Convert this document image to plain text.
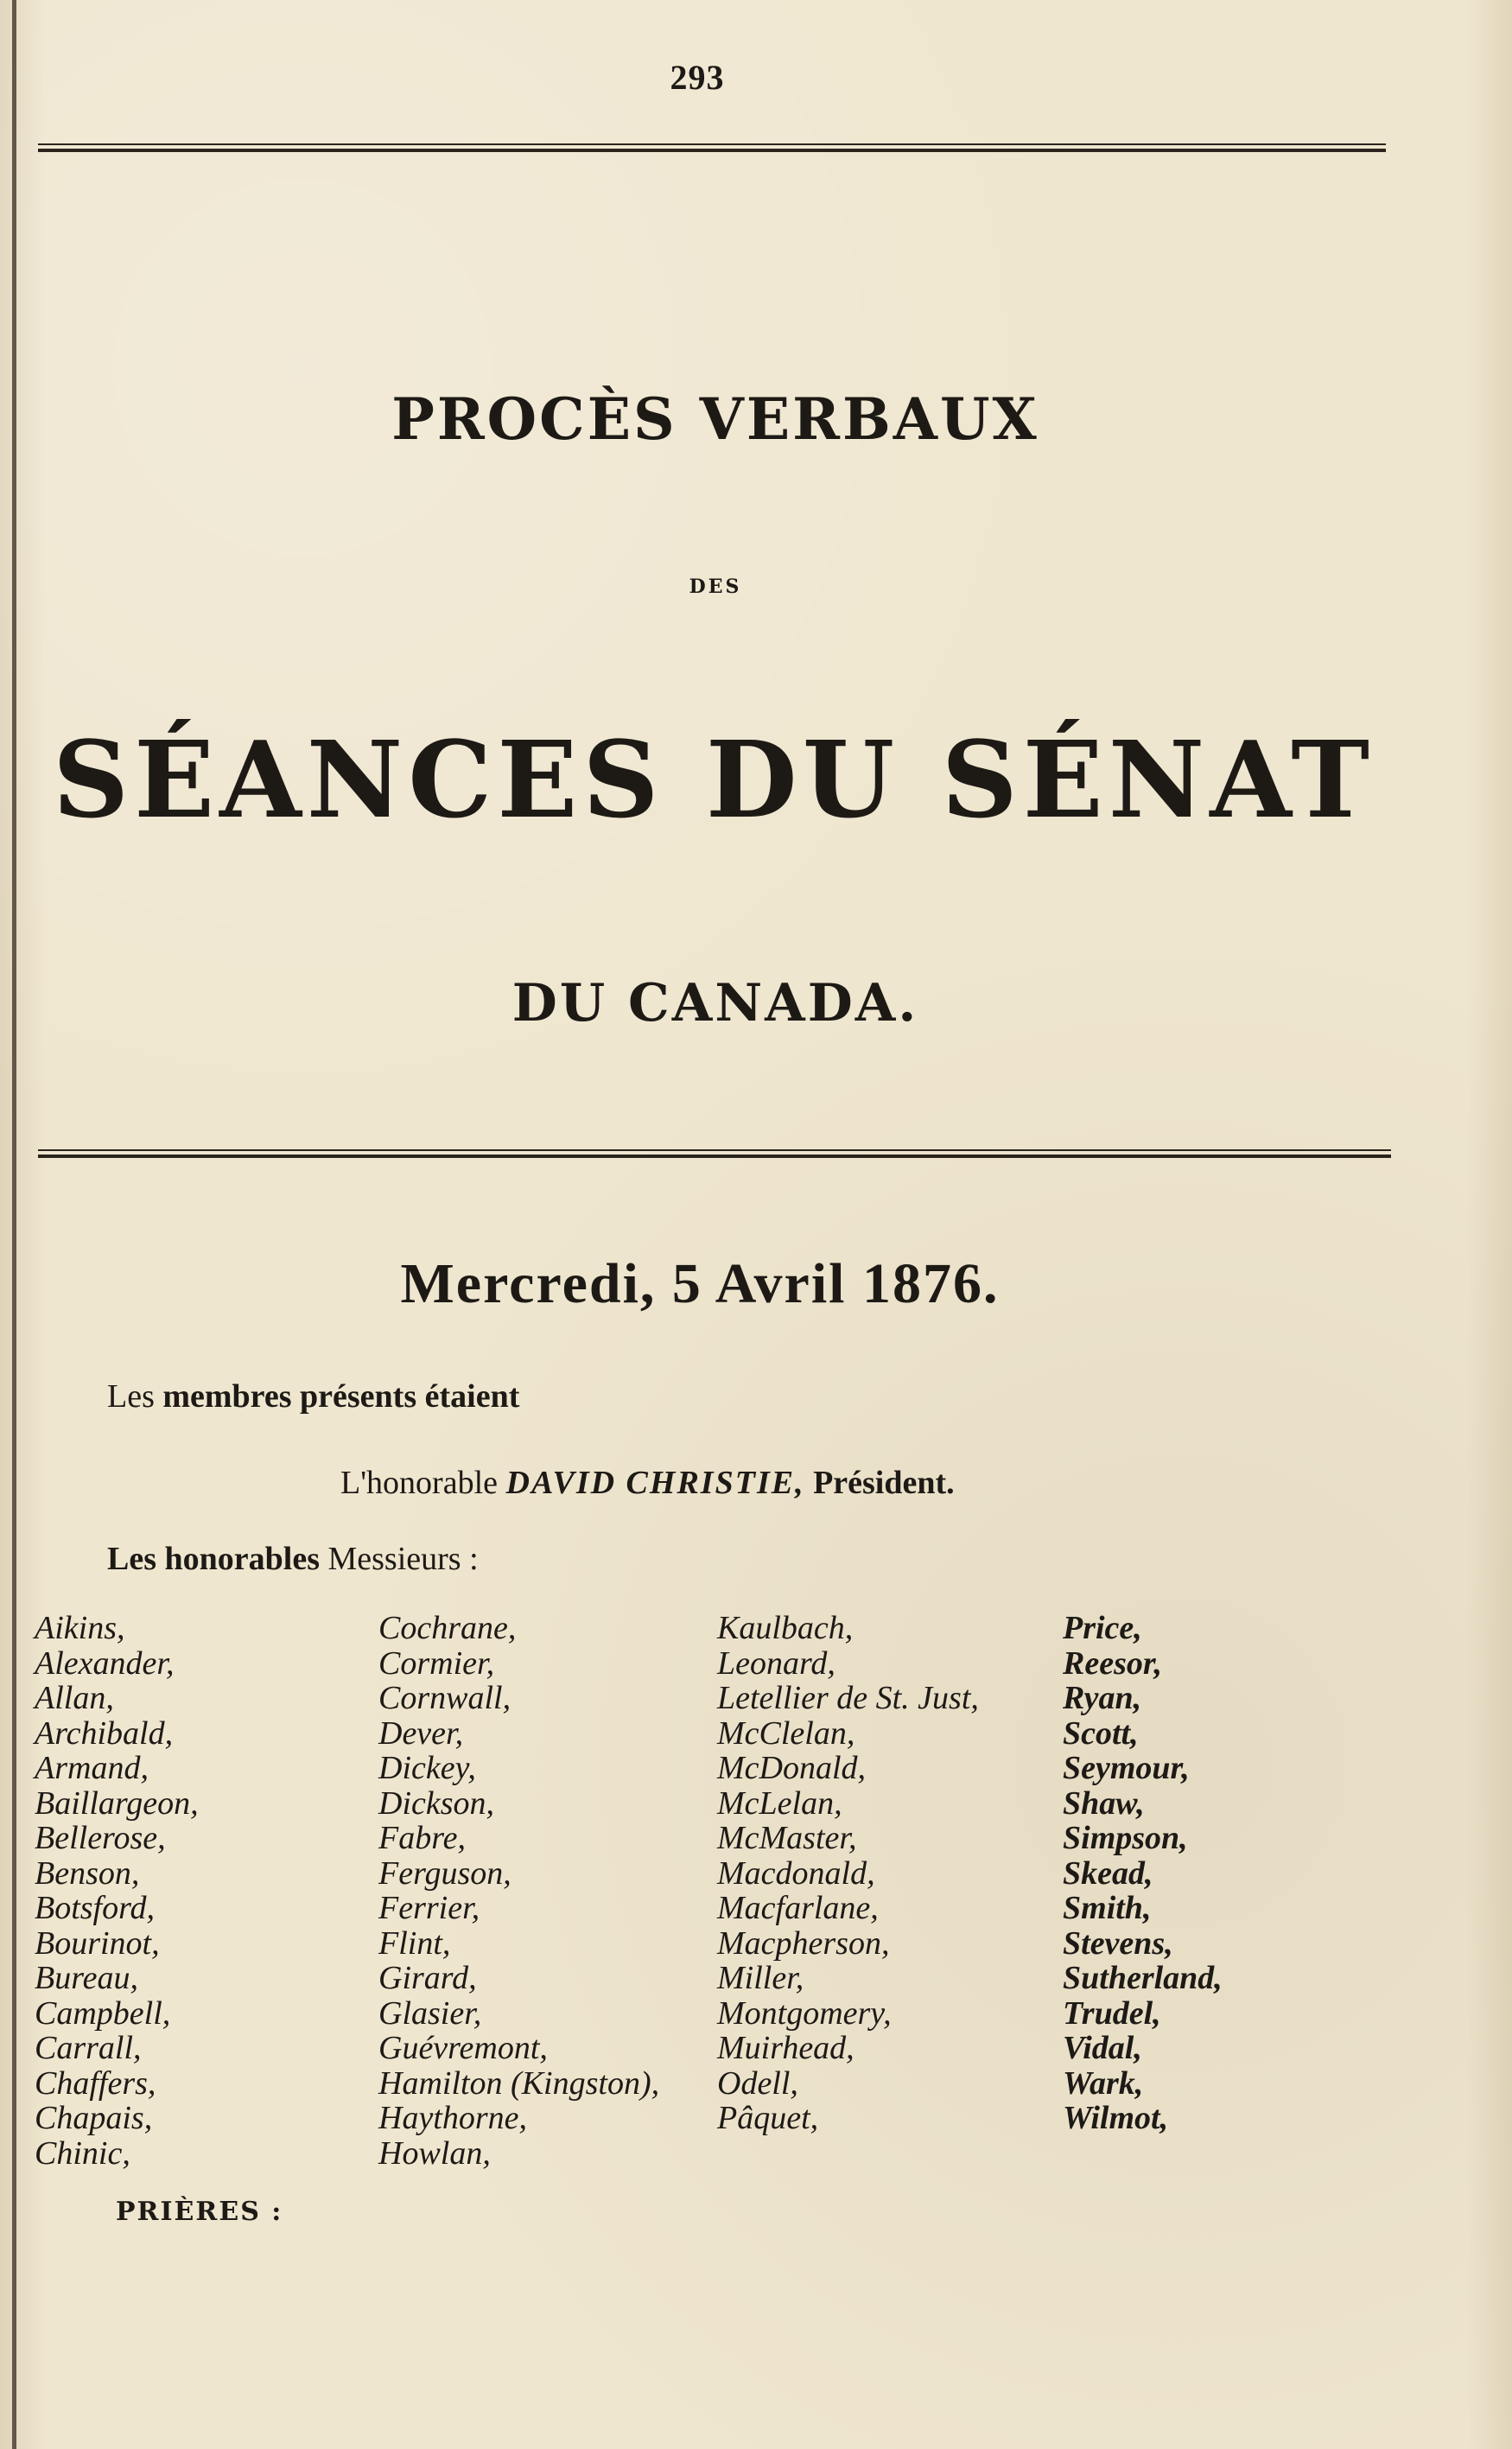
293
PROCÈS VERBAUX
DES
SÉANCES DU SÉNAT
DU CANADA.
Mercredi, 5 Avril 1876.
Les membres présents étaient
L'honorable DAVID CHRISTIE, Président.
Les honorables Messieurs :
Aikins,
Alexander,
Allan,
Archibald,
Armand,
Baillargeon,
Bellerose,
Benson,
Botsford,
Bourinot,
Bureau,
Campbell,
Carrall,
Chaffers,
Chapais,
Chinic,
Cochrane,
Cormier,
Cornwall,
Dever,
Dickey,
Dickson,
Fabre,
Ferguson,
Ferrier,
Flint,
Girard,
Glasier,
Guévremont,
Hamilton (Kingston),
Haythorne,
Howlan,
Kaulbach,
Leonard,
Letellier de St. Just,
McClelan,
McDonald,
McLelan,
McMaster,
Macdonald,
Macfarlane,
Macpherson,
Miller,
Montgomery,
Muirhead,
Odell,
Pâquet,
Price,
Reesor,
Ryan,
Scott,
Seymour,
Shaw,
Simpson,
Skead,
Smith,
Stevens,
Sutherland,
Trudel,
Vidal,
Wark,
Wilmot,
PRIÈRES :
